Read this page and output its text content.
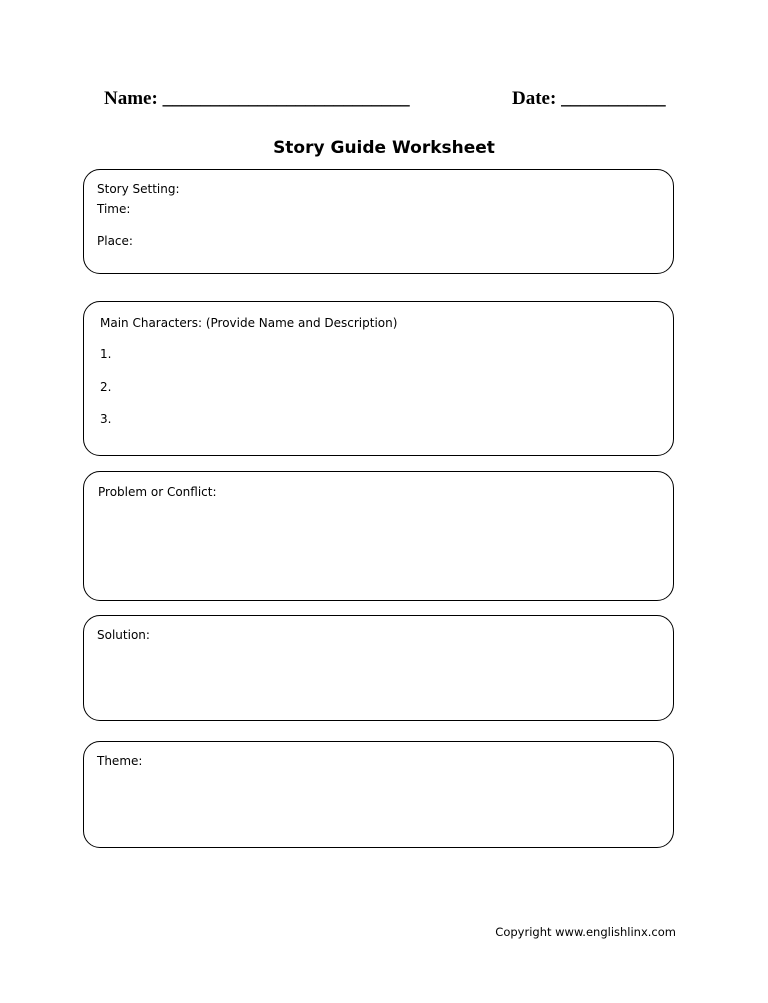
Name: __________________________	Date: ___________
Story Guide Worksheet
Story Setting:
Time:
Place:
Main Characters: (Provide Name and Description)
1.
2.
3.
Problem or Conflict:
Solution:
Theme:
Copyright www.englishlinx.com
